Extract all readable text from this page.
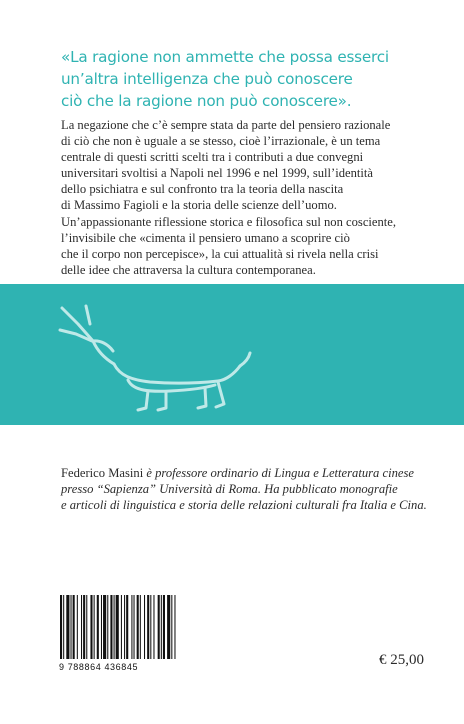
«La ragione non ammette che possa esserci
un’altra intelligenza che può conoscere
ciò che la ragione non può conoscere».
La negazione che c’è sempre stata da parte del pensiero razionale
di ciò che non è uguale a se stesso, cioè l’irrazionale, è un tema
centrale di questi scritti scelti tra i contributi a due convegni
universitari svoltisi a Napoli nel 1996 e nel 1999, sull’identità
dello psichiatra e sul confronto tra la teoria della nascita
di Massimo Fagioli e la storia delle scienze dell’uomo.
Un’appassionante riflessione storica e filosofica sul non cosciente,
l’invisibile che «cimenta il pensiero umano a scoprire ciò
che il corpo non percepisce», la cui attualità si rivela nella crisi
delle idee che attraversa la cultura contemporanea.
Federico Masini è professore ordinario di Lingua e Letteratura cinese
presso “Sapienza” Università di Roma. Ha pubblicato monografie
e articoli di linguistica e storia delle relazioni culturali fra Italia e Cina.
9 788864 436845	€ 25,00
